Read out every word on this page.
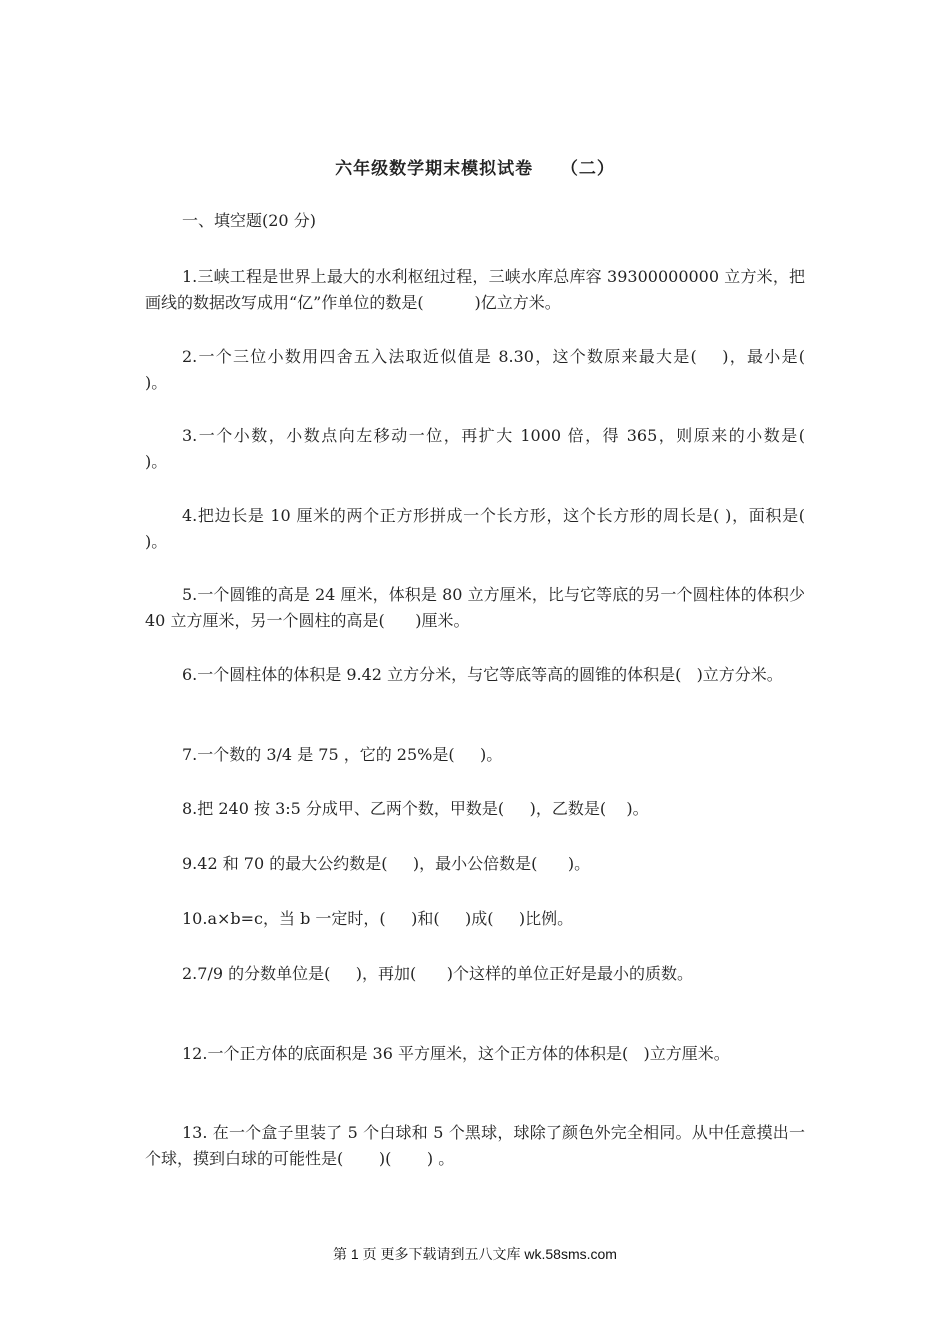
六年级数学期末模拟试卷    （二）
一、填空题(20 分)
1.三峡工程是世界上最大的水利枢纽过程，三峡水库总库容 39300000000 立方米，把画线的数据改写成用“亿”作单位的数是(          )亿立方米。
2.一个三位小数用四舍五入法取近似值是 8.30，这个数原来最大是(    )，最小是(      )。
3.一个小数，小数点向左移动一位，再扩大 1000 倍，得 365，则原来的小数是(      )。
4.把边长是 10 厘米的两个正方形拼成一个长方形，这个长方形的周长是( )，面积是(      )。
5.一个圆锥的高是 24 厘米，体积是 80 立方厘米，比与它等底的另一个圆柱体的体积少 40 立方厘米，另一个圆柱的高是(      )厘米。
6.一个圆柱体的体积是 9.42 立方分米，与它等底等高的圆锥的体积是(   )立方分米。
7.一个数的 3/4 是 75 ，它的 25%是(     )。
8.把 240 按 3:5 分成甲、乙两个数，甲数是(     )，乙数是(    )。
9.42 和 70 的最大公约数是(     )，最小公倍数是(      )。
10.a×b=c，当 b 一定时，(     )和(     )成(     )比例。
2.7/9 的分数单位是(     )，再加(      )个这样的单位正好是最小的质数。
12.一个正方体的底面积是 36 平方厘米，这个正方体的体积是(   )立方厘米。
13. 在一个盒子里装了 5 个白球和 5 个黑球，球除了颜色外完全相同。从中任意摸出一个球，摸到白球的可能性是(       )(       ) 。
第 1 页 更多下载请到五八文库 wk.58sms.com
